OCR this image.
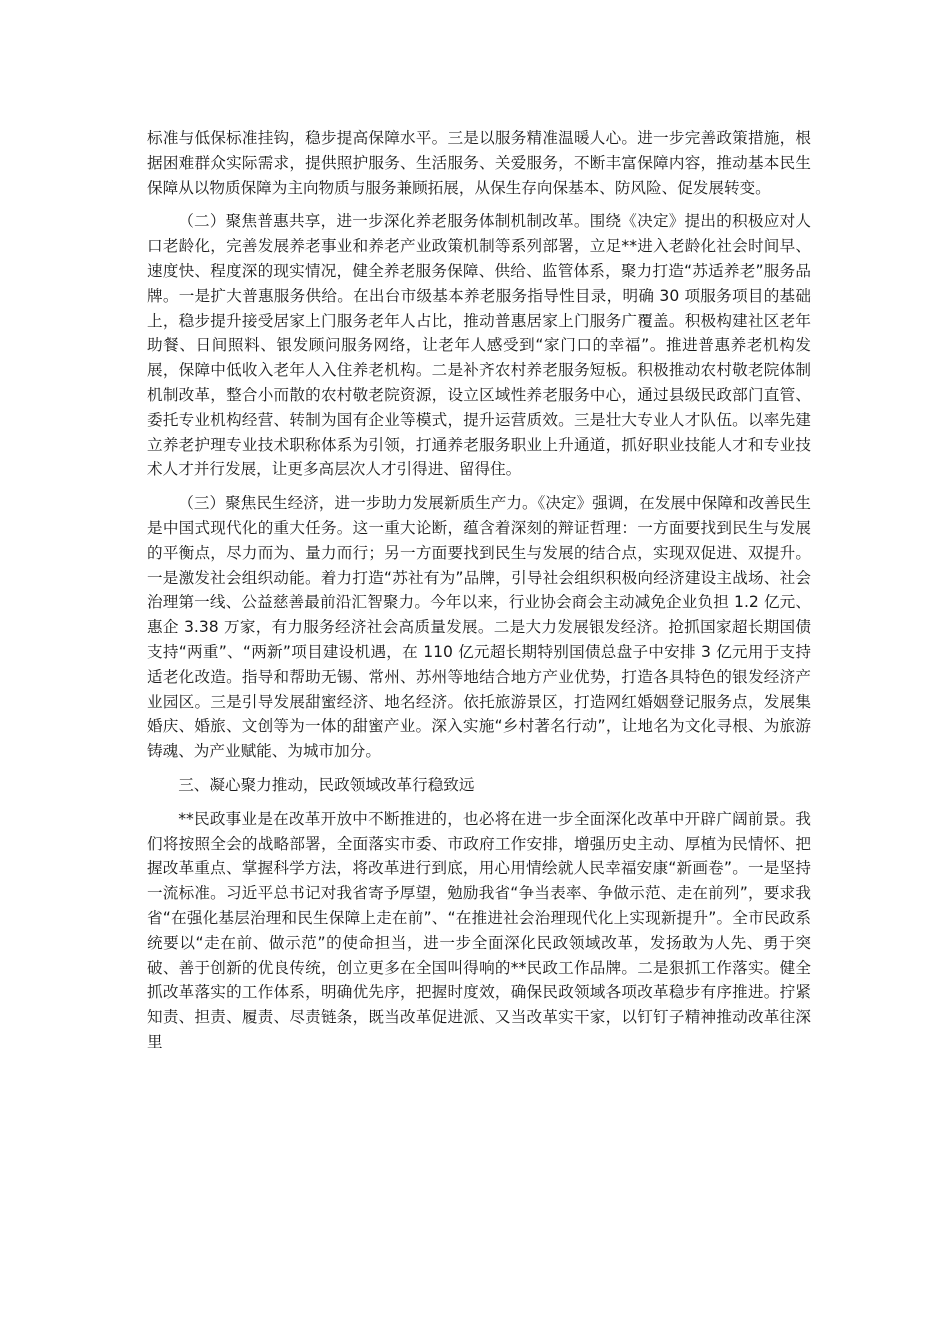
标准与低保标准挂钩，稳步提高保障水平。三是以服务精准温暖人心。进一步完善政策措施，根据困难群众实际需求，提供照护服务、生活服务、关爱服务，不断丰富保障内容，推动基本民生保障从以物质保障为主向物质与服务兼顾拓展，从保生存向保基本、防风险、促发展转变。

（二）聚焦普惠共享，进一步深化养老服务体制机制改革。围绕《决定》提出的积极应对人口老龄化，完善发展养老事业和养老产业政策机制等系列部署，立足**进入老龄化社会时间早、速度快、程度深的现实情况，健全养老服务保障、供给、监管体系，聚力打造“苏适养老”服务品牌。一是扩大普惠服务供给。在出台市级基本养老服务指导性目录，明确 30 项服务项目的基础上，稳步提升接受居家上门服务老年人占比，推动普惠居家上门服务广覆盖。积极构建社区老年助餐、日间照料、银发顾问服务网络，让老年人感受到“家门口的幸福”。推进普惠养老机构发展，保障中低收入老年人入住养老机构。二是补齐农村养老服务短板。积极推动农村敬老院体制机制改革，整合小而散的农村敬老院资源，设立区域性养老服务中心，通过县级民政部门直管、委托专业机构经营、转制为国有企业等模式，提升运营质效。三是壮大专业人才队伍。以率先建立养老护理专业技术职称体系为引领，打通养老服务职业上升通道，抓好职业技能人才和专业技术人才并行发展，让更多高层次人才引得进、留得住。

（三）聚焦民生经济，进一步助力发展新质生产力。《决定》强调，在发展中保障和改善民生是中国式现代化的重大任务。这一重大论断，蕴含着深刻的辩证哲理：一方面要找到民生与发展的平衡点，尽力而为、量力而行；另一方面要找到民生与发展的结合点，实现双促进、双提升。一是激发社会组织动能。着力打造“苏社有为”品牌，引导社会组织积极向经济建设主战场、社会治理第一线、公益慈善最前沿汇智聚力。今年以来，行业协会商会主动减免企业负担 1.2 亿元、惠企 3.38 万家，有力服务经济社会高质量发展。二是大力发展银发经济。抢抓国家超长期国债支持“两重”、“两新”项目建设机遇，在 110 亿元超长期特别国债总盘子中安排 3 亿元用于支持适老化改造。指导和帮助无锡、常州、苏州等地结合地方产业优势，打造各具特色的银发经济产业园区。三是引导发展甜蜜经济、地名经济。依托旅游景区，打造网红婚姻登记服务点，发展集婚庆、婚旅、文创等为一体的甜蜜产业。深入实施“乡村著名行动”，让地名为文化寻根、为旅游铸魂、为产业赋能、为城市加分。

三、凝心聚力推动，民政领域改革行稳致远

**民政事业是在改革开放中不断推进的，也必将在进一步全面深化改革中开辟广阔前景。我们将按照全会的战略部署，全面落实市委、市政府工作安排，增强历史主动、厚植为民情怀、把握改革重点、掌握科学方法，将改革进行到底，用心用情绘就人民幸福安康“新画卷”。一是坚持一流标准。习近平总书记对我省寄予厚望，勉励我省“争当表率、争做示范、走在前列”，要求我省“在强化基层治理和民生保障上走在前”、“在推进社会治理现代化上实现新提升”。全市民政系统要以“走在前、做示范”的使命担当，进一步全面深化民政领域改革，发扬敢为人先、勇于突破、善于创新的优良传统，创立更多在全国叫得响的**民政工作品牌。二是狠抓工作落实。健全抓改革落实的工作体系，明确优先序，把握时度效，确保民政领域各项改革稳步有序推进。拧紧知责、担责、履责、尽责链条，既当改革促进派、又当改革实干家，以钉钉子精神推动改革往深里
